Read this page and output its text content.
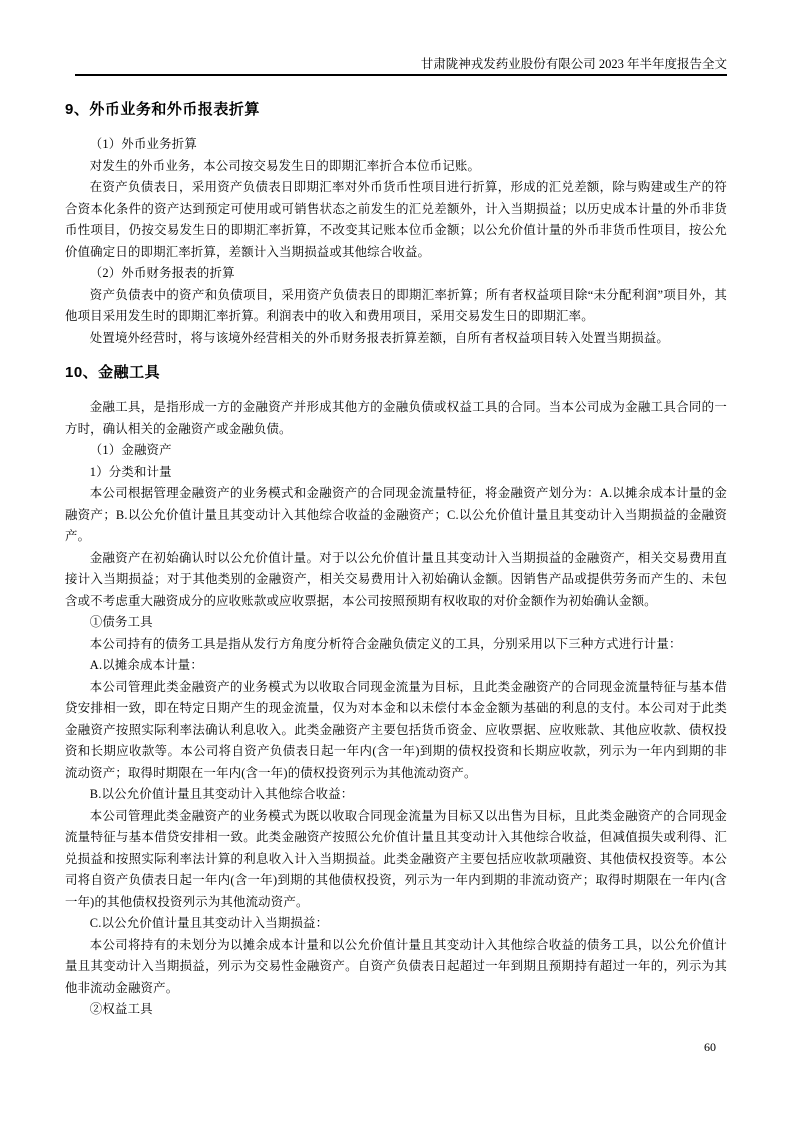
甘肃陇神戎发药业股份有限公司 2023 年半年度报告全文
9、外币业务和外币报表折算

（1）外币业务折算

对发生的外币业务，本公司按交易发生日的即期汇率折合本位币记账。

在资产负债表日，采用资产负债表日即期汇率对外币货币性项目进行折算，形成的汇兑差额，除与购建或生产的符合资本化条件的资产达到预定可使用或可销售状态之前发生的汇兑差额外，计入当期损益；以历史成本计量的外币非货币性项目，仍按交易发生日的即期汇率折算，不改变其记账本位币金额；以公允价值计量的外币非货币性项目，按公允价值确定日的即期汇率折算，差额计入当期损益或其他综合收益。

（2）外币财务报表的折算

资产负债表中的资产和负债项目，采用资产负债表日的即期汇率折算；所有者权益项目除“未分配利润”项目外，其他项目采用发生时的即期汇率折算。利润表中的收入和费用项目，采用交易发生日的即期汇率。

处置境外经营时，将与该境外经营相关的外币财务报表折算差额，自所有者权益项目转入处置当期损益。

10、金融工具

金融工具，是指形成一方的金融资产并形成其他方的金融负债或权益工具的合同。当本公司成为金融工具合同的一方时，确认相关的金融资产或金融负债。

（1）金融资产

1）分类和计量

本公司根据管理金融资产的业务模式和金融资产的合同现金流量特征，将金融资产划分为：A.以摊余成本计量的金融资产；B.以公允价值计量且其变动计入其他综合收益的金融资产；C.以公允价值计量且其变动计入当期损益的金融资产。

金融资产在初始确认时以公允价值计量。对于以公允价值计量且其变动计入当期损益的金融资产，相关交易费用直接计入当期损益；对于其他类别的金融资产，相关交易费用计入初始确认金额。因销售产品或提供劳务而产生的、未包含或不考虑重大融资成分的应收账款或应收票据，本公司按照预期有权收取的对价金额作为初始确认金额。

①债务工具

本公司持有的债务工具是指从发行方角度分析符合金融负债定义的工具，分别采用以下三种方式进行计量：

A.以摊余成本计量：

本公司管理此类金融资产的业务模式为以收取合同现金流量为目标，且此类金融资产的合同现金流量特征与基本借贷安排相一致，即在特定日期产生的现金流量，仅为对本金和以未偿付本金金额为基础的利息的支付。本公司对于此类金融资产按照实际利率法确认利息收入。此类金融资产主要包括货币资金、应收票据、应收账款、其他应收款、债权投资和长期应收款等。本公司将自资产负债表日起一年内(含一年)到期的债权投资和长期应收款，列示为一年内到期的非流动资产；取得时期限在一年内(含一年)的债权投资列示为其他流动资产。

B.以公允价值计量且其变动计入其他综合收益：

本公司管理此类金融资产的业务模式为既以收取合同现金流量为目标又以出售为目标，且此类金融资产的合同现金流量特征与基本借贷安排相一致。此类金融资产按照公允价值计量且其变动计入其他综合收益，但减值损失或利得、汇兑损益和按照实际利率法计算的利息收入计入当期损益。此类金融资产主要包括应收款项融资、其他债权投资等。本公司将自资产负债表日起一年内(含一年)到期的其他债权投资，列示为一年内到期的非流动资产；取得时期限在一年内(含一年)的其他债权投资列示为其他流动资产。

C.以公允价值计量且其变动计入当期损益：

本公司将持有的未划分为以摊余成本计量和以公允价值计量且其变动计入其他综合收益的债务工具，以公允价值计量且其变动计入当期损益，列示为交易性金融资产。自资产负债表日起超过一年到期且预期持有超过一年的，列示为其他非流动金融资产。

②权益工具

60
